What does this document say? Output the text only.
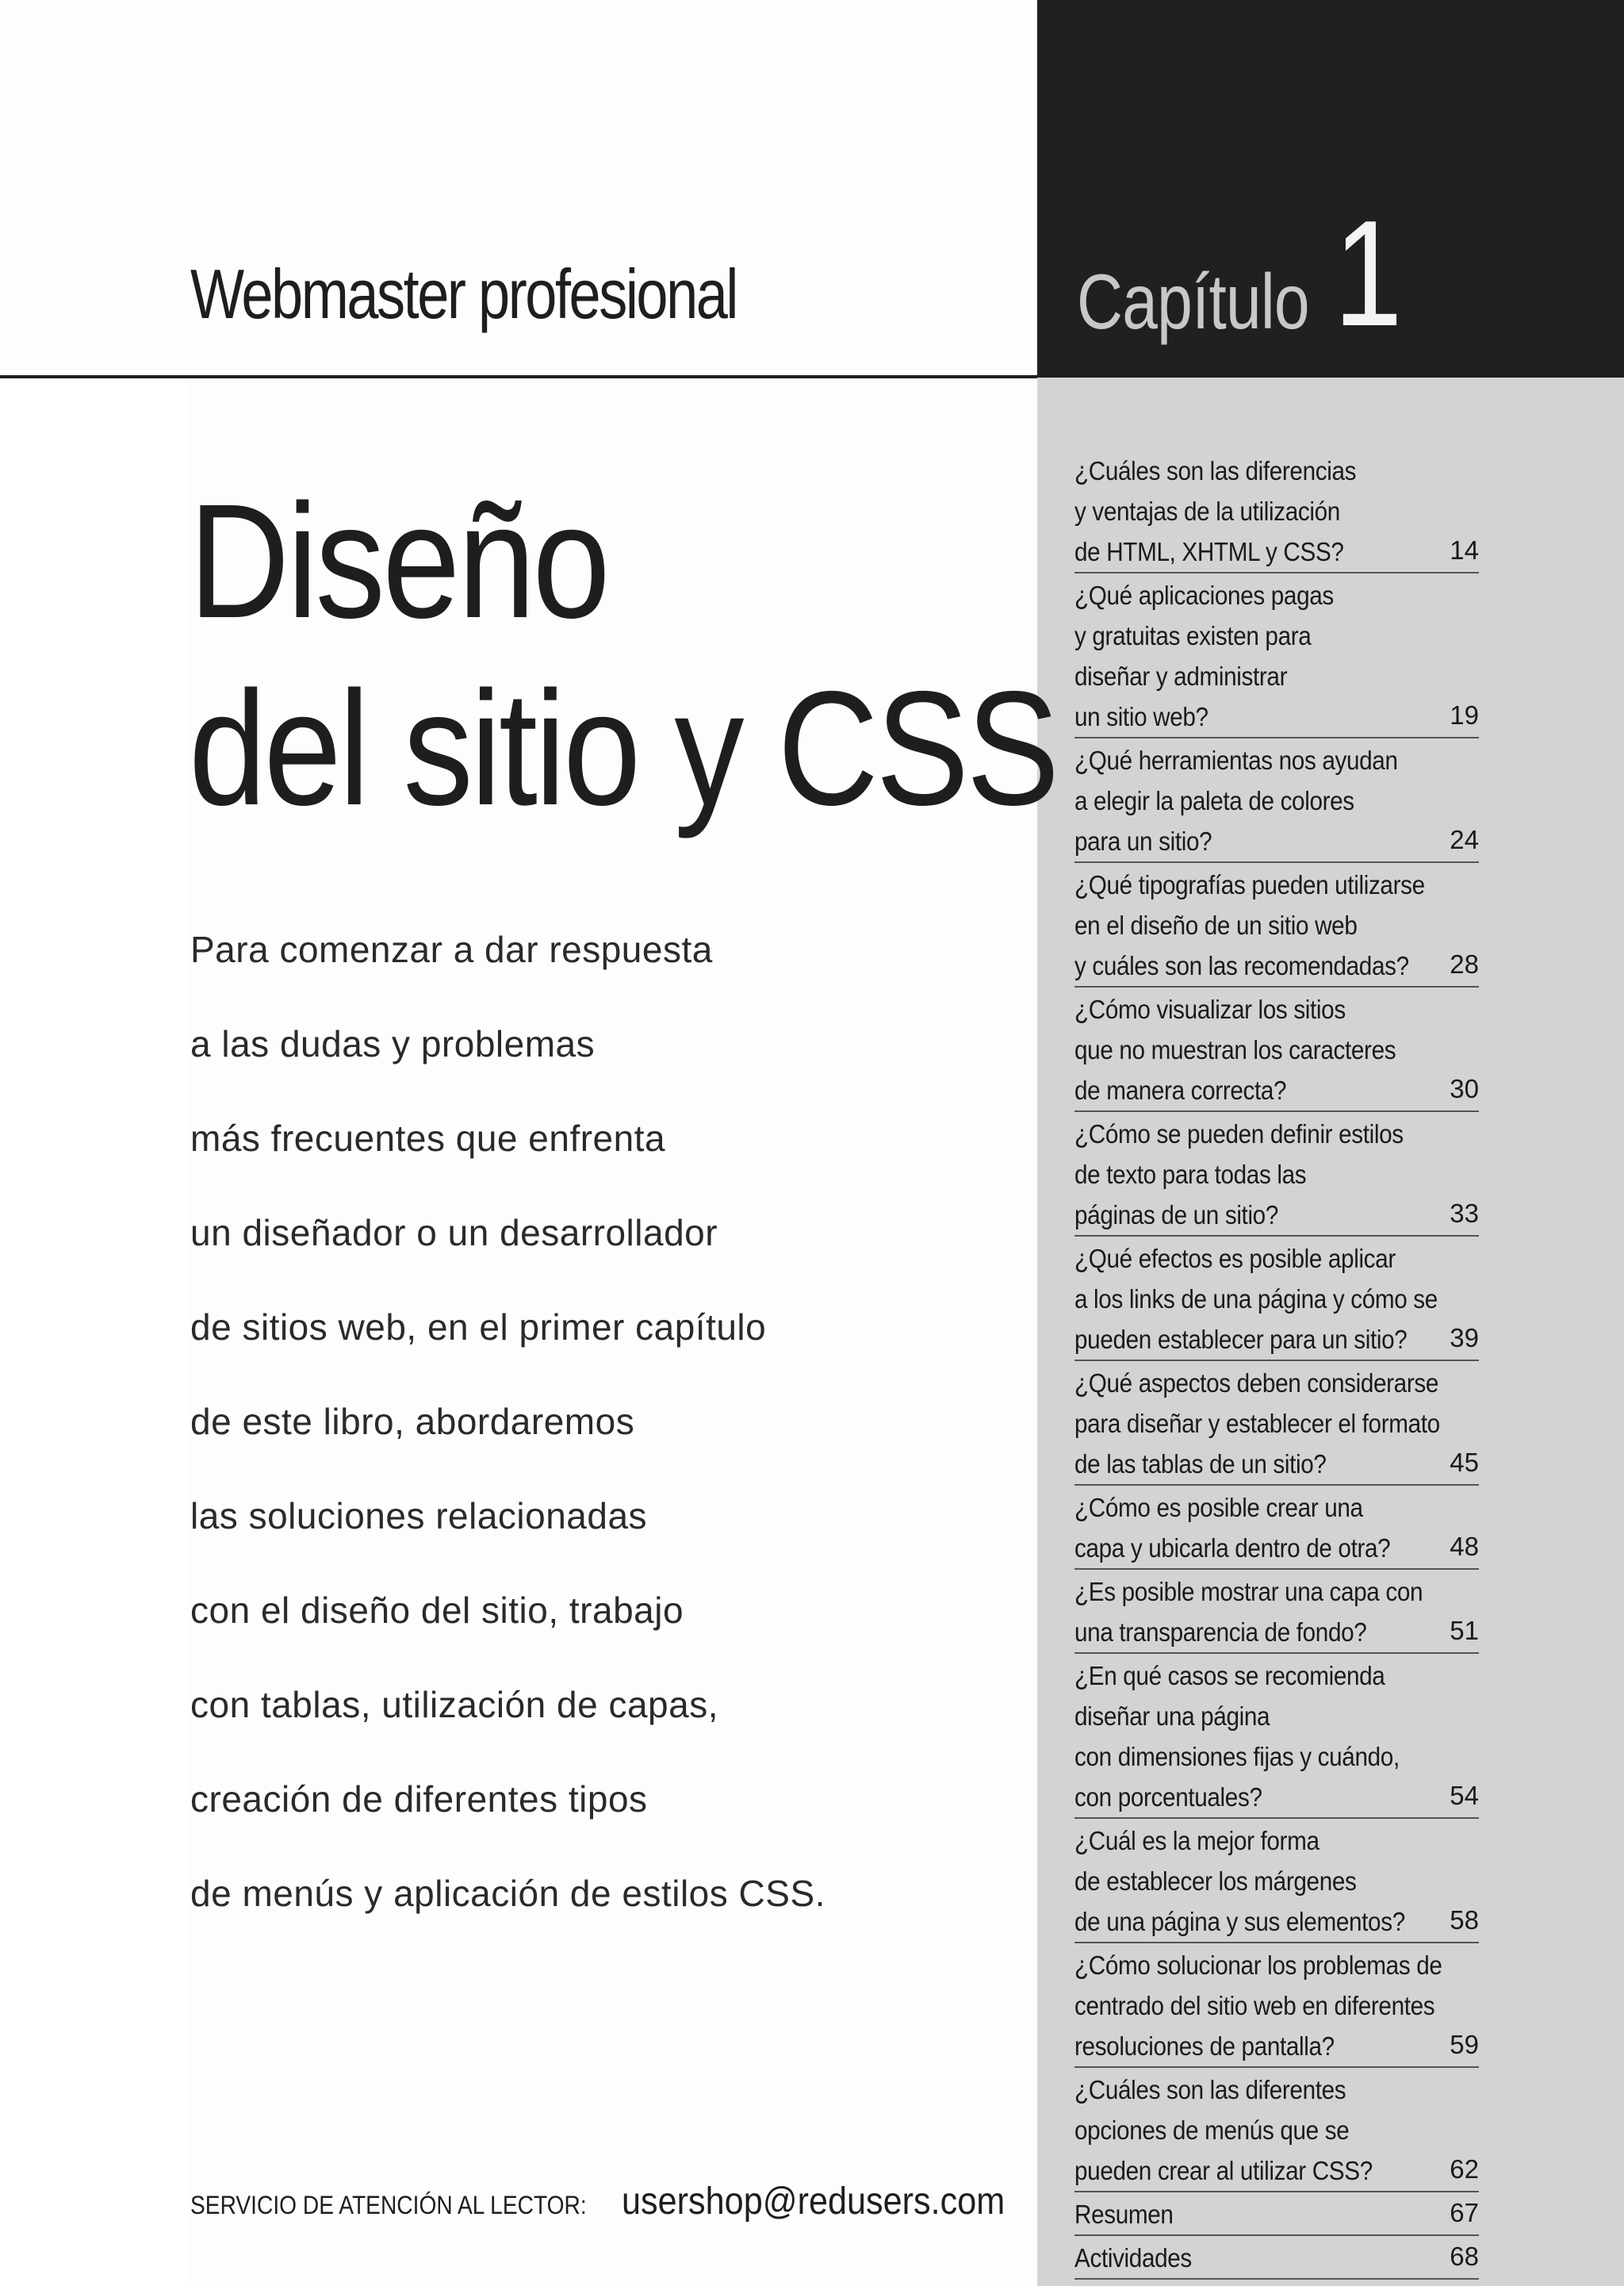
Webmaster profesional	Capítulo 1
Diseño
del sitio y CSS
Para comenzar a dar respuesta
a las dudas y problemas
más frecuentes que enfrenta
un diseñador o un desarrollador
de sitios web, en el primer capítulo
de este libro, abordaremos
las soluciones relacionadas
con el diseño del sitio, trabajo
con tablas, utilización de capas,
creación de diferentes tipos
de menús y aplicación de estilos CSS.
¿Cuáles son las diferencias
y ventajas de la utilización
de HTML, XHTML y CSS?	14
¿Qué aplicaciones pagas
y gratuitas existen para
diseñar y administrar
un sitio web?	19
¿Qué herramientas nos ayudan
a elegir la paleta de colores
para un sitio?	24
¿Qué tipografías pueden utilizarse
en el diseño de un sitio web
y cuáles son las recomendadas?	28
¿Cómo visualizar los sitios
que no muestran los caracteres
de manera correcta?	30
¿Cómo se pueden definir estilos
de texto para todas las
páginas de un sitio?	33
¿Qué efectos es posible aplicar
a los links de una página y cómo se
pueden establecer para un sitio?	39
¿Qué aspectos deben considerarse
para diseñar y establecer el formato
de las tablas de un sitio?	45
¿Cómo es posible crear una
capa y ubicarla dentro de otra?	48
¿Es posible mostrar una capa con
una transparencia de fondo?	51
¿En qué casos se recomienda
diseñar una página
con dimensiones fijas y cuándo,
con porcentuales?	54
¿Cuál es la mejor forma
de establecer los márgenes
de una página y sus elementos?	58
¿Cómo solucionar los problemas de
centrado del sitio web en diferentes
resoluciones de pantalla?	59
¿Cuáles son las diferentes
opciones de menús que se
pueden crear al utilizar CSS?	62
Resumen	67
Actividades	68
SERVICIO DE ATENCIÓN AL LECTOR: usershop@redusers.com
